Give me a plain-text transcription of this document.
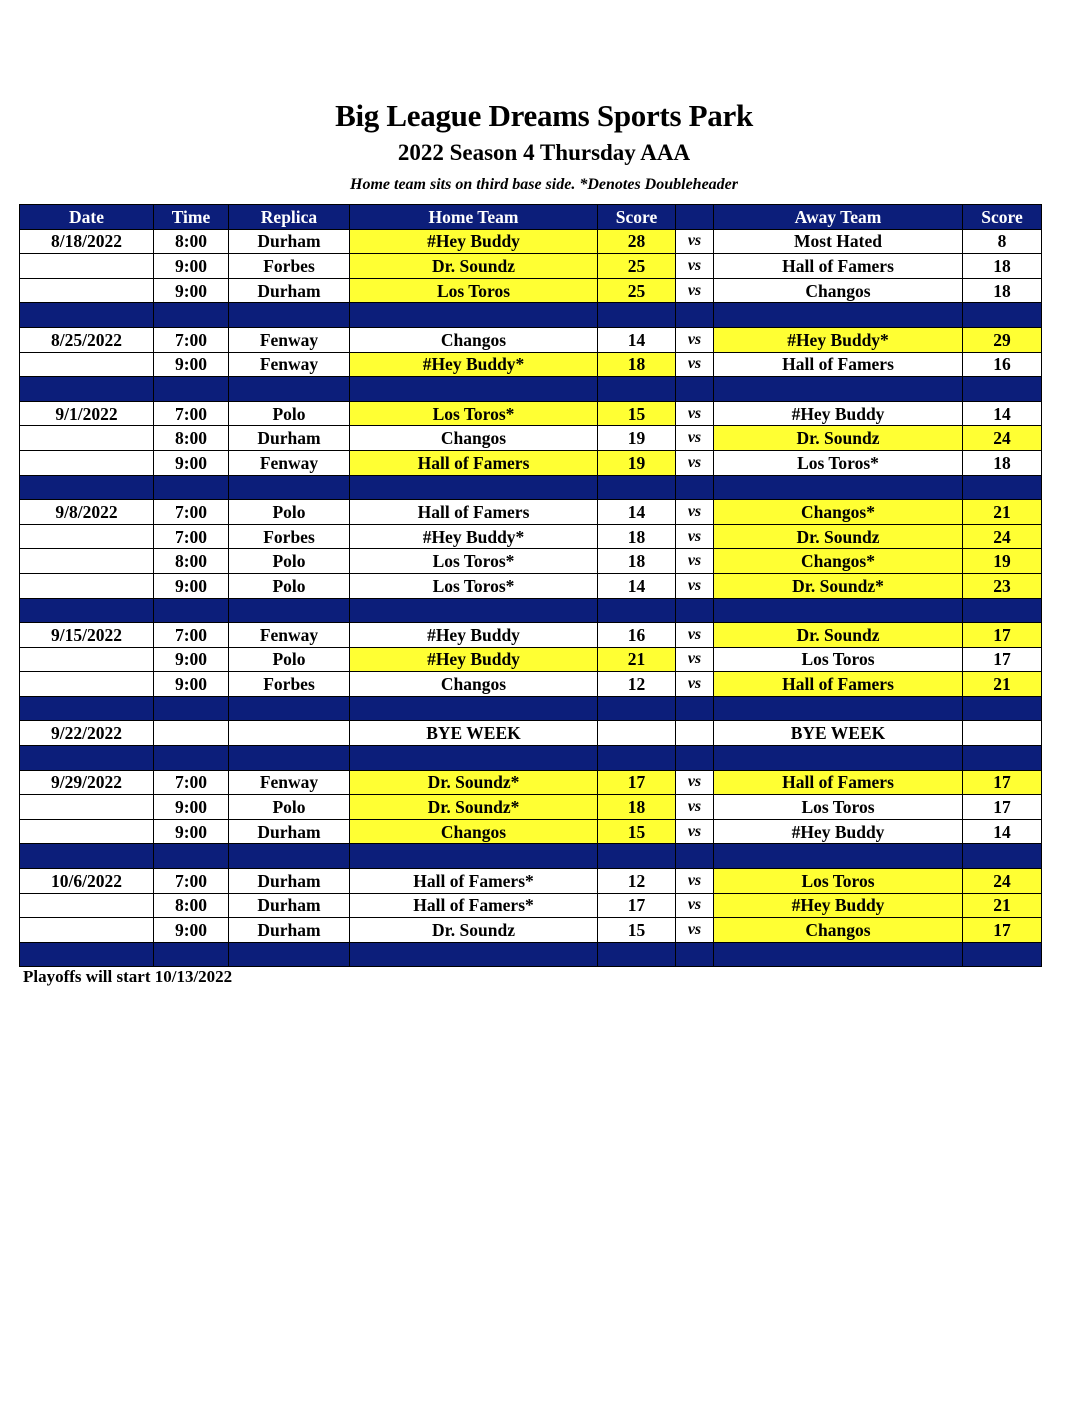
Big League Dreams Sports Park
2022 Season 4 Thursday AAA
Home team sits on third base side. *Denotes Doubleheader
Date	Time	Replica	Home Team	Score		Away Team	Score
8/18/2022	8:00	Durham	#Hey Buddy	28	vs	Most Hated	8
	9:00	Forbes	Dr. Soundz	25	vs	Hall of Famers	18
	9:00	Durham	Los Toros	25	vs	Changos	18

8/25/2022	7:00	Fenway	Changos	14	vs	#Hey Buddy*	29
	9:00	Fenway	#Hey Buddy*	18	vs	Hall of Famers	16

9/1/2022	7:00	Polo	Los Toros*	15	vs	#Hey Buddy	14
	8:00	Durham	Changos	19	vs	Dr. Soundz	24
	9:00	Fenway	Hall of Famers	19	vs	Los Toros*	18

9/8/2022	7:00	Polo	Hall of Famers	14	vs	Changos*	21
	7:00	Forbes	#Hey Buddy*	18	vs	Dr. Soundz	24
	8:00	Polo	Los Toros*	18	vs	Changos*	19
	9:00	Polo	Los Toros*	14	vs	Dr. Soundz*	23

9/15/2022	7:00	Fenway	#Hey Buddy	16	vs	Dr. Soundz	17
	9:00	Polo	#Hey Buddy	21	vs	Los Toros	17
	9:00	Forbes	Changos	12	vs	Hall of Famers	21

9/22/2022			BYE WEEK			BYE WEEK	

9/29/2022	7:00	Fenway	Dr. Soundz*	17	vs	Hall of Famers	17
	9:00	Polo	Dr. Soundz*	18	vs	Los Toros	17
	9:00	Durham	Changos	15	vs	#Hey Buddy	14

10/6/2022	7:00	Durham	Hall of Famers*	12	vs	Los Toros	24
	8:00	Durham	Hall of Famers*	17	vs	#Hey Buddy	21
	9:00	Durham	Dr. Soundz	15	vs	Changos	17

Playoffs will start 10/13/2022
